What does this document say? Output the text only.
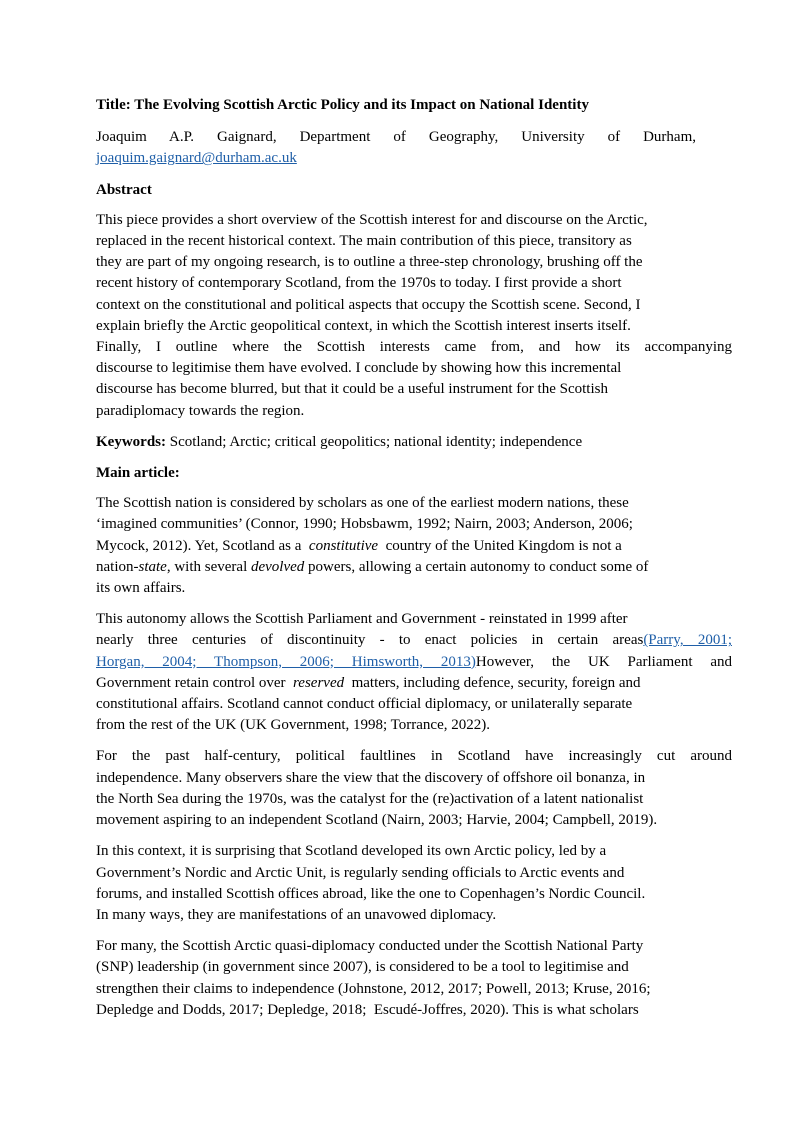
Title: The Evolving Scottish Arctic Policy and its Impact on National Identity

Joaquim A.P. Gaignard, Department of Geography, University of Durham, joaquim.gaignard@durham.ac.uk

Abstract

This piece provides a short overview of the Scottish interest for and discourse on the Arctic,
replaced in the recent historical context. The main contribution of this piece, transitory as
they are part of my ongoing research, is to outline a three-step chronology, brushing off the
recent history of contemporary Scotland, from the 1970s to today. I first provide a short
context on the constitutional and political aspects that occupy the Scottish scene. Second, I
explain briefly the Arctic geopolitical context, in which the Scottish interest inserts itself.
Finally, I outline where the Scottish interests came from, and how its accompanying
discourse to legitimise them have evolved. I conclude by showing how this incremental
discourse has become blurred, but that it could be a useful instrument for the Scottish
paradiplomacy towards the region.

Keywords: Scotland; Arctic; critical geopolitics; national identity; independence

Main article:

The Scottish nation is considered by scholars as one of the earliest modern nations, these
‘imagined communities’ (Connor, 1990; Hobsbawm, 1992; Nairn, 2003; Anderson, 2006;
Mycock, 2012). Yet, Scotland as a  constitutive  country of the United Kingdom is not a
nation-state, with several devolved powers, allowing a certain autonomy to conduct some of
its own affairs.

This autonomy allows the Scottish Parliament and Government - reinstated in 1999 after
nearly three centuries of discontinuity - to enact policies in certain areas(Parry, 2001;
Horgan, 2004; Thompson, 2006; Himsworth, 2013)However, the UK Parliament and
Government retain control over  reserved  matters, including defence, security, foreign and
constitutional affairs. Scotland cannot conduct official diplomacy, or unilaterally separate
from the rest of the UK (UK Government, 1998; Torrance, 2022).

For the past half-century, political faultlines in Scotland have increasingly cut around
independence. Many observers share the view that the discovery of offshore oil bonanza, in
the North Sea during the 1970s, was the catalyst for the (re)activation of a latent nationalist
movement aspiring to an independent Scotland (Nairn, 2003; Harvie, 2004; Campbell, 2019).

In this context, it is surprising that Scotland developed its own Arctic policy, led by a
Government’s Nordic and Arctic Unit, is regularly sending officials to Arctic events and
forums, and installed Scottish offices abroad, like the one to Copenhagen’s Nordic Council.
In many ways, they are manifestations of an unavowed diplomacy.

For many, the Scottish Arctic quasi-diplomacy conducted under the Scottish National Party
(SNP) leadership (in government since 2007), is considered to be a tool to legitimise and
strengthen their claims to independence (Johnstone, 2012, 2017; Powell, 2013; Kruse, 2016;
Depledge and Dodds, 2017; Depledge, 2018;  Escudé-Joffres, 2020). This is what scholars
